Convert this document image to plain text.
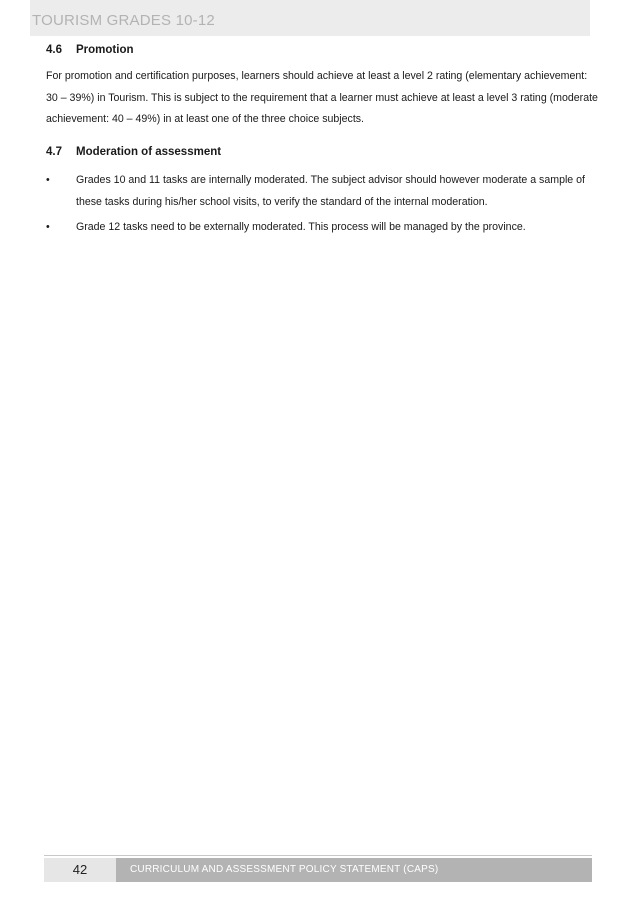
TOURISM GRADES 10-12
4.6 Promotion

For promotion and certification purposes, learners should achieve at least a level 2 rating (elementary achievement:
30 – 39%) in Tourism. This is subject to the requirement that a learner must achieve at least a level 3 rating (moderate
achievement: 40 – 49%) in at least one of the three choice subjects.

4.7 Moderation of assessment
• Grades 10 and 11 tasks are internally moderated. The subject advisor should however moderate a sample of
these tasks during his/her school visits, to verify the standard of the internal moderation.
• Grade 12 tasks need to be externally moderated. This process will be managed by the province.
42	CURRICULUM AND ASSESSMENT POLICY STATEMENT (CAPS)
